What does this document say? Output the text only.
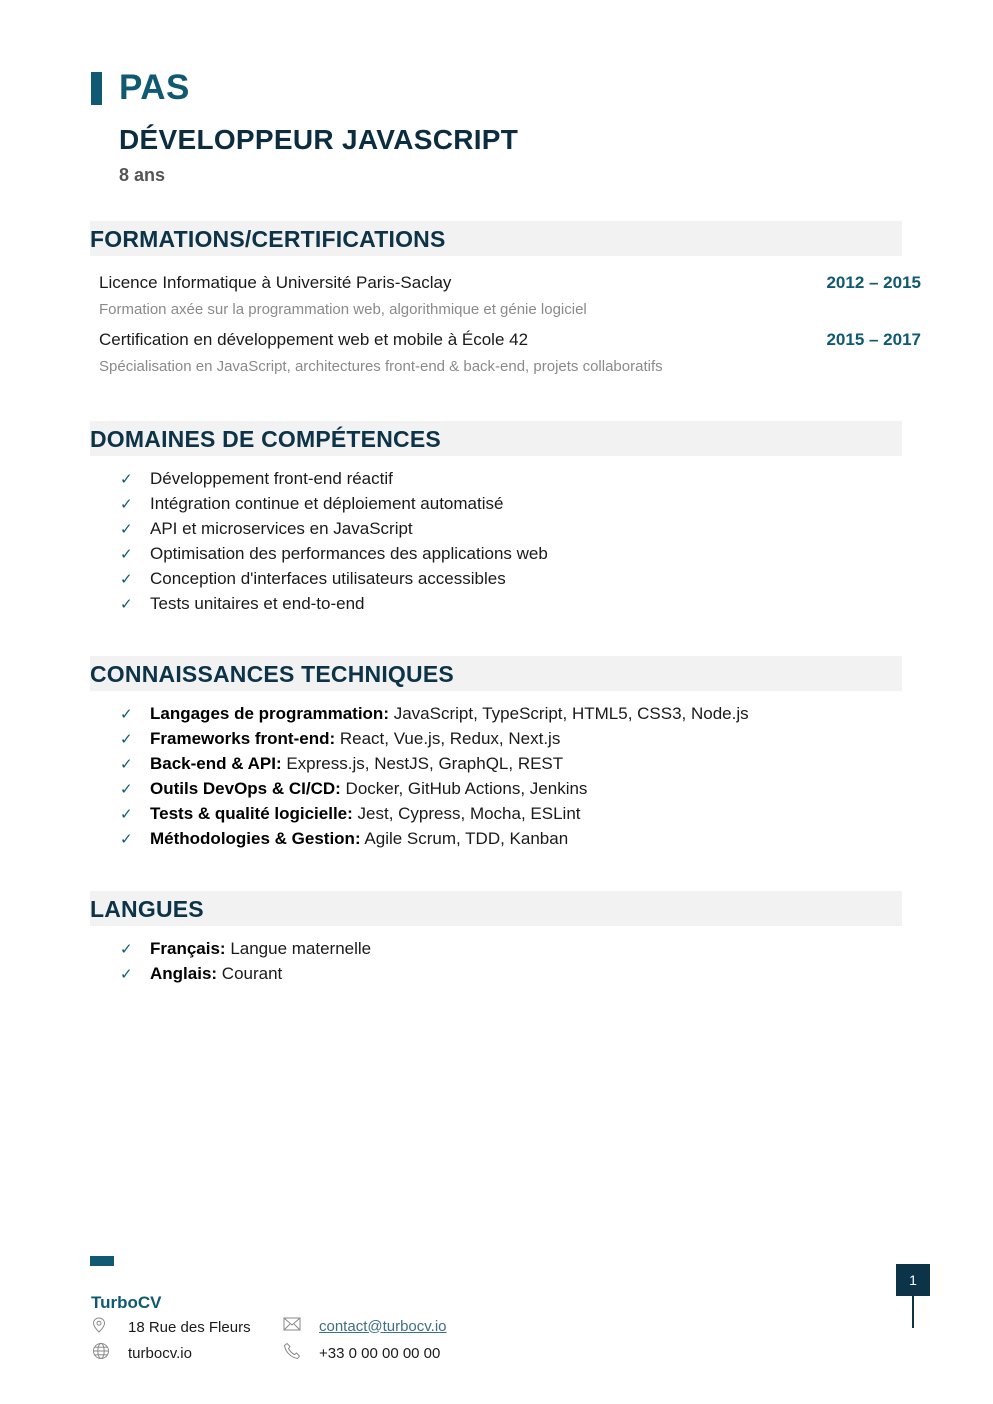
PAS
DÉVELOPPEUR JAVASCRIPT
8 ans
FORMATIONS/CERTIFICATIONS
Licence Informatique à Université Paris-Saclay	2012 – 2015
Formation axée sur la programmation web, algorithmique et génie logiciel
Certification en développement web et mobile à École 42	2015 – 2017
Spécialisation en JavaScript, architectures front-end & back-end, projets collaboratifs
DOMAINES DE COMPÉTENCES
✓ Développement front-end réactif
✓ Intégration continue et déploiement automatisé
✓ API et microservices en JavaScript
✓ Optimisation des performances des applications web
✓ Conception d'interfaces utilisateurs accessibles
✓ Tests unitaires et end-to-end
CONNAISSANCES TECHNIQUES
✓ Langages de programmation: JavaScript, TypeScript, HTML5, CSS3, Node.js
✓ Frameworks front-end: React, Vue.js, Redux, Next.js
✓ Back-end & API: Express.js, NestJS, GraphQL, REST
✓ Outils DevOps & CI/CD: Docker, GitHub Actions, Jenkins
✓ Tests & qualité logicielle: Jest, Cypress, Mocha, ESLint
✓ Méthodologies & Gestion: Agile Scrum, TDD, Kanban
LANGUES
✓ Français: Langue maternelle
✓ Anglais: Courant
TurboCV
18 Rue des Fleurs
turbocv.io
contact@turbocv.io
+33 0 00 00 00 00
1
